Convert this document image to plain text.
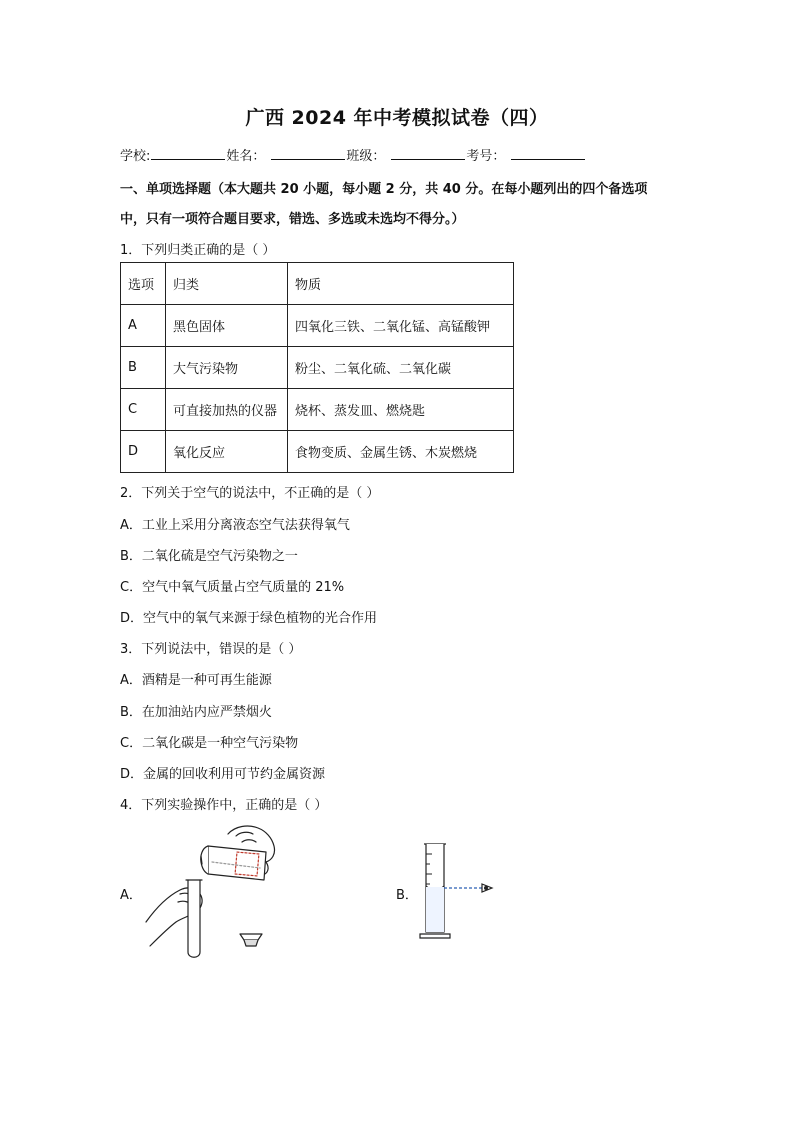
广西 2024 年中考模拟试卷（四）
学校:	姓名：	班级：	考号：
一、单项选择题（本大题共 20 小题，每小题 2 分，共 40 分。在每小题列出的四个备选项
中，只有一项符合题目要求，错选、多选或未选均不得分。）
1．下列归类正确的是（ ）
选项	归类	物质
A	黑色固体	四氧化三铁、二氧化锰、高锰酸钾
B	大气污染物	粉尘、二氧化硫、二氧化碳
C	可直接加热的仪器	烧杯、蒸发皿、燃烧匙
D	氧化反应	食物变质、金属生锈、木炭燃烧
2．下列关于空气的说法中，不正确的是（ ）
A．工业上采用分离液态空气法获得氧气
B．二氧化硫是空气污染物之一
C．空气中氧气质量占空气质量的 21%
D．空气中的氧气来源于绿色植物的光合作用
3．下列说法中，错误的是（ ）
A．酒精是一种可再生能源
B．在加油站内应严禁烟火
C．二氧化碳是一种空气污染物
D．金属的回收利用可节约金属资源
4．下列实验操作中，正确的是（ ）
A．	B．
